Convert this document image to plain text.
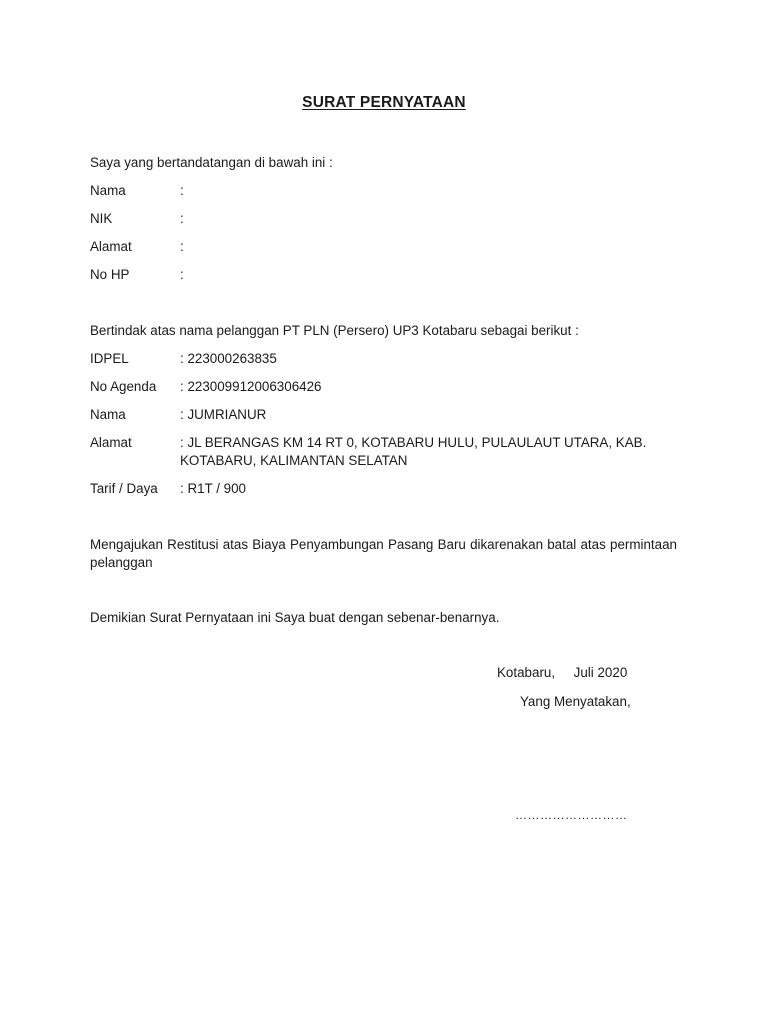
SURAT PERNYATAAN
Saya yang bertandatangan di bawah ini :
Nama	:
NIK	:
Alamat	:
No HP	:
Bertindak atas nama pelanggan PT PLN (Persero) UP3 Kotabaru sebagai berikut :
IDPEL	: 223000263835
No Agenda : 223009912006306426
Nama	: JUMRIANUR
Alamat	: JL BERANGAS KM 14 RT 0, KOTABARU HULU, PULAULAUT UTARA, KAB. KOTABARU, KALIMANTAN SELATAN
Tarif / Daya : R1T / 900
Mengajukan Restitusi atas Biaya Penyambungan Pasang Baru dikarenakan batal atas permintaan pelanggan
Demikian Surat Pernyataan ini Saya buat dengan sebenar-benarnya.
Kotabaru,     Juli 2020
Yang Menyatakan,
………………………
